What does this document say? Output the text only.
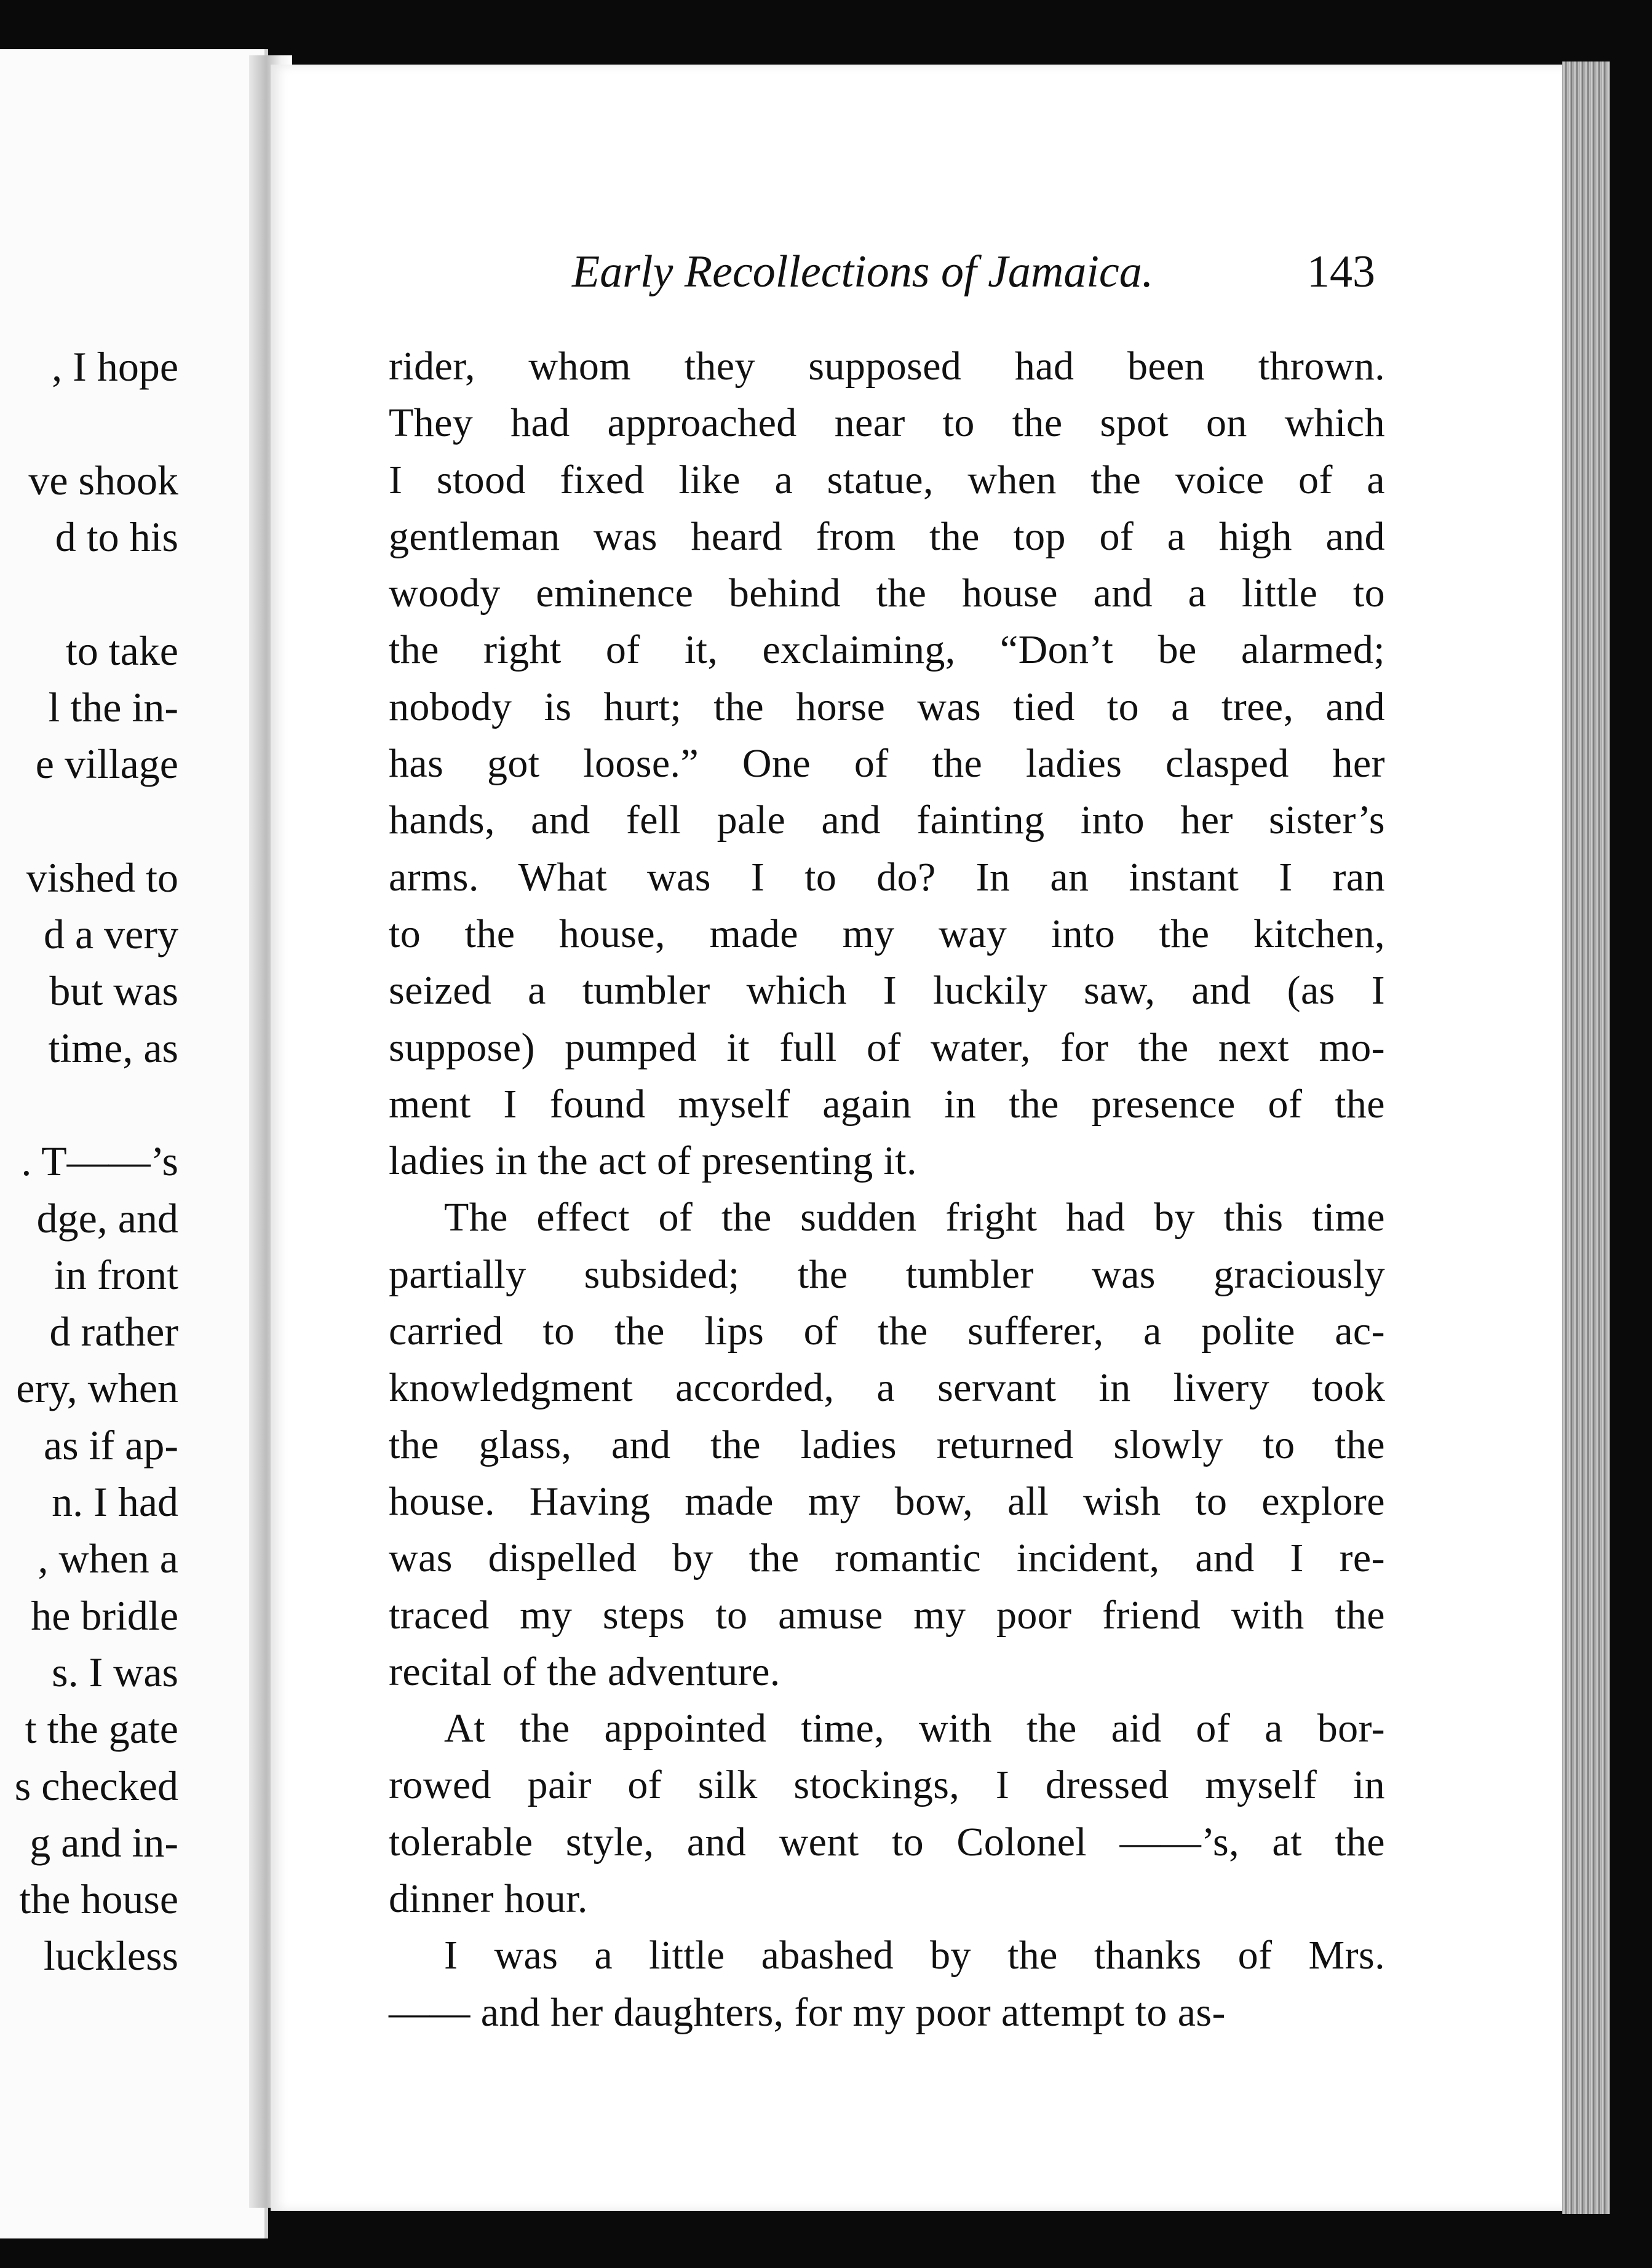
, I hope
ve shook
d to his
to take
l the in-
e village
vished to
d a very
but was
time, as
. T——’s
dge, and
in front
d rather
ery, when
as if ap-
n. I had
, when a
he bridle
s. I was
t the gate
s checked
g and in-
the house
luckless
Early Recollections of Jamaica.	143
rider, whom they supposed had been thrown.
They had approached near to the spot on which
I stood fixed like a statue, when the voice of a
gentleman was heard from the top of a high and
woody eminence behind the house and a little to
the right of it, exclaiming, “Don’t be alarmed;
nobody is hurt; the horse was tied to a tree, and
has got loose.” One of the ladies clasped her
hands, and fell pale and fainting into her sister’s
arms. What was I to do? In an instant I ran
to the house, made my way into the kitchen,
seized a tumbler which I luckily saw, and (as I
suppose) pumped it full of water, for the next mo-
ment I found myself again in the presence of the
ladies in the act of presenting it.
The effect of the sudden fright had by this time
partially subsided; the tumbler was graciously
carried to the lips of the sufferer, a polite ac-
knowledgment accorded, a servant in livery took
the glass, and the ladies returned slowly to the
house. Having made my bow, all wish to explore
was dispelled by the romantic incident, and I re-
traced my steps to amuse my poor friend with the
recital of the adventure.
At the appointed time, with the aid of a bor-
rowed pair of silk stockings, I dressed myself in
tolerable style, and went to Colonel ——’s, at the
dinner hour.
I was a little abashed by the thanks of Mrs.
—— and her daughters, for my poor attempt to as-
